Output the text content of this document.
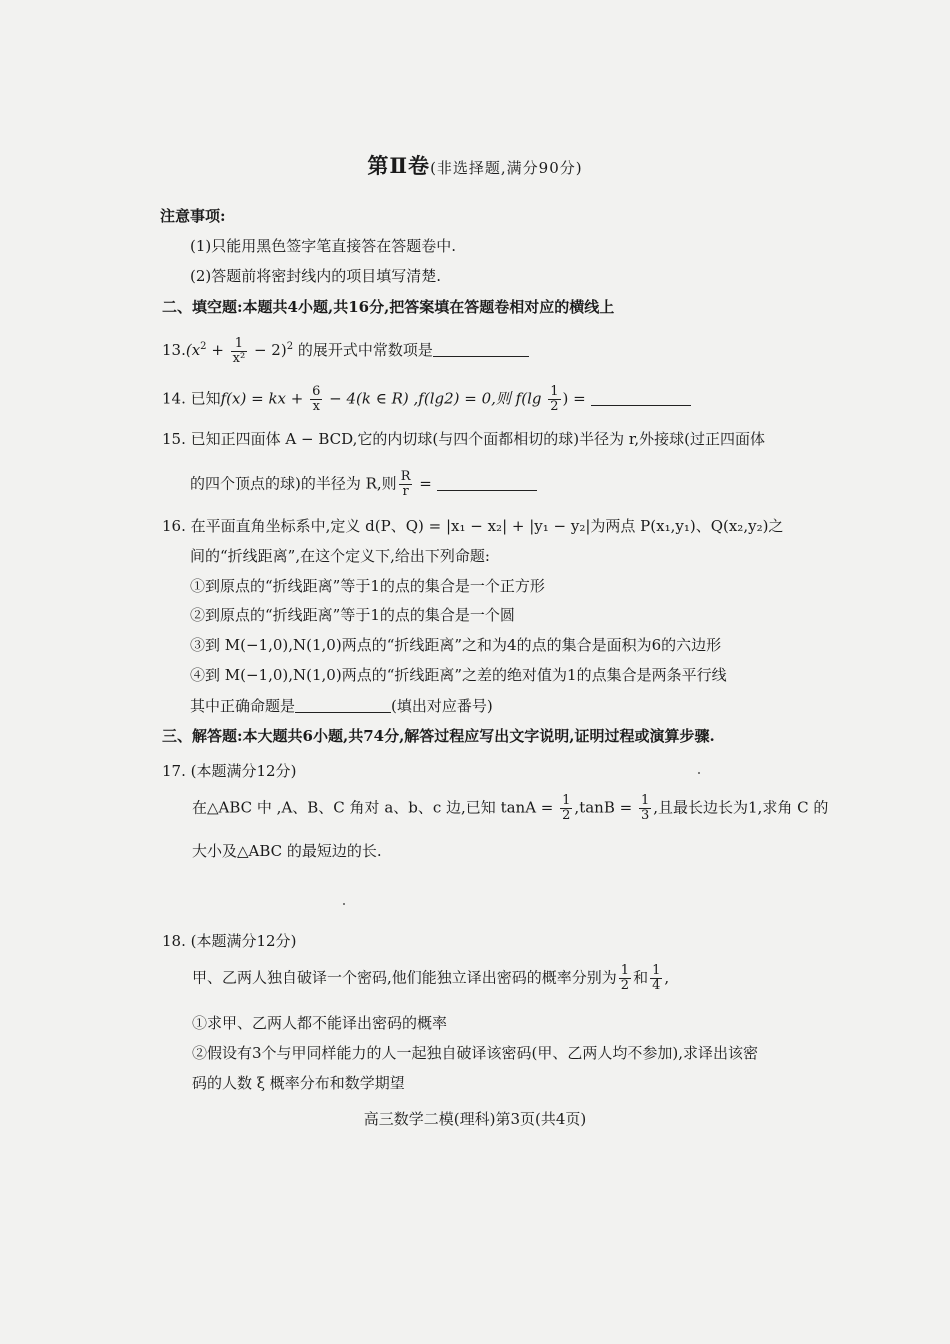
第Ⅱ卷(非选择题,满分90分)
注意事项:
(1)只能用黑色签字笔直接答在答题卷中.
(2)答题前将密封线内的项目填写清楚.
二、填空题:本题共4小题,共16分,把答案填在答题卷相对应的横线上
$13.(x^2 + \frac{1}{\text{x²}} - 2)^2$ 的展开式中常数项是
14. 已知f(x) = kx + $\frac{6}{x} - 4(k$ ∈ R) ,f(lg2) = 0,则 $f(\lg \frac{1}{2}$ ) =
15. 已知正四面体 A − BCD,它的内切球(与四个面都相切的球)半径为 r,外接球(过正四面体
的四个顶点的球)的半径为 R,则 $\frac{R}{r}$ =
16. 在平面直角坐标系中,定义 d(P、Q) = |x₁ − x₂| + |y₁ − y₂|为两点 P(x₁,y₁)、Q(x₂,y₂)之
间的“折线距离”,在这个定义下,给出下列命题:
①到原点的“折线距离”等于1的点的集合是一个正方形
②到原点的“折线距离”等于1的点的集合是一个圆
③到 M(−1,0),N(1,0)两点的“折线距离”之和为4的点的集合是面积为6的六边形
④到 M(−1,0),N(1,0)两点的“折线距离”之差的绝对值为1的点集合是两条平行线
其中正确命题是	(填出对应番号)
三、解答题:本大题共6小题,共74分,解答过程应写出文字说明,证明过程或演算步骤.
17. (本题满分12分)
在△ABC 中 ,A、B、C 角对 a、b、c 边,已知 $\tan A = \frac{1}{2} ,\tan B = \frac{1}{3}$ ,且最长边长为1,求角 C 的
大小及△ABC 的最短边的长.
18. (本题满分12分)
甲、乙两人独自破译一个密码,他们能独立译出密码的概率分别为 $\frac{1}{2}$ 和 $\frac{1}{4}$ ,
①求甲、乙两人都不能译出密码的概率
②假设有3个与甲同样能力的人一起独自破译该密码(甲、乙两人均不参加),求译出该密
码的人数 ξ 概率分布和数学期望
高三数学二模(理科)第3页(共4页)
